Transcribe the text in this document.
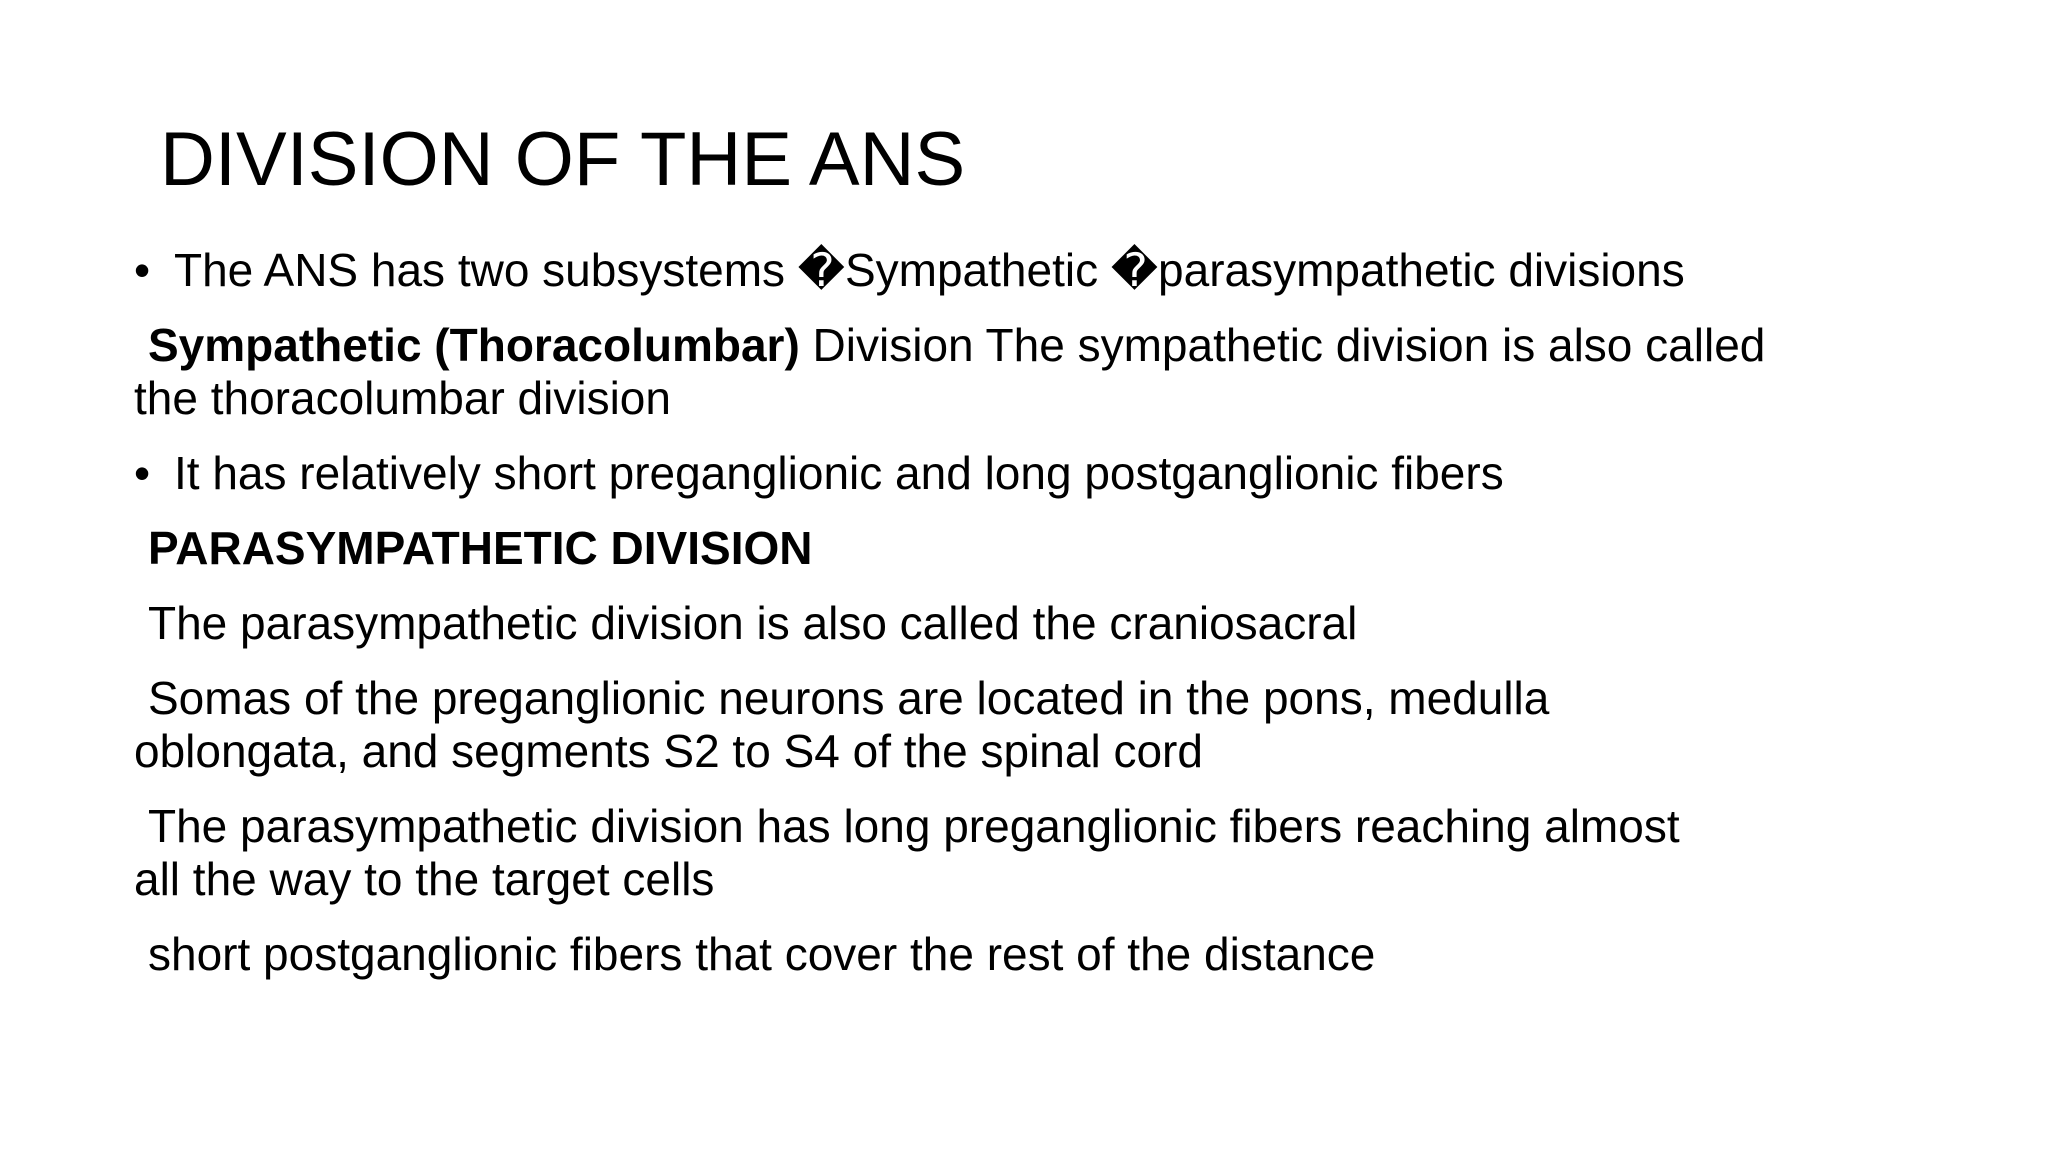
DIVISION OF THE ANS

• The ANS has two subsystems �Sympathetic �parasympathetic divisions

Sympathetic (Thoracolumbar) Division The sympathetic division is also called

the thoracolumbar division

• It has relatively short preganglionic and long postganglionic fibers

PARASYMPATHETIC DIVISION

The parasympathetic division is also called the craniosacral

Somas of the preganglionic neurons are located in the pons, medulla

oblongata, and segments S2 to S4 of the spinal cord

The parasympathetic division has long preganglionic fibers reaching almost

all the way to the target cells

short postganglionic fibers that cover the rest of the distance
